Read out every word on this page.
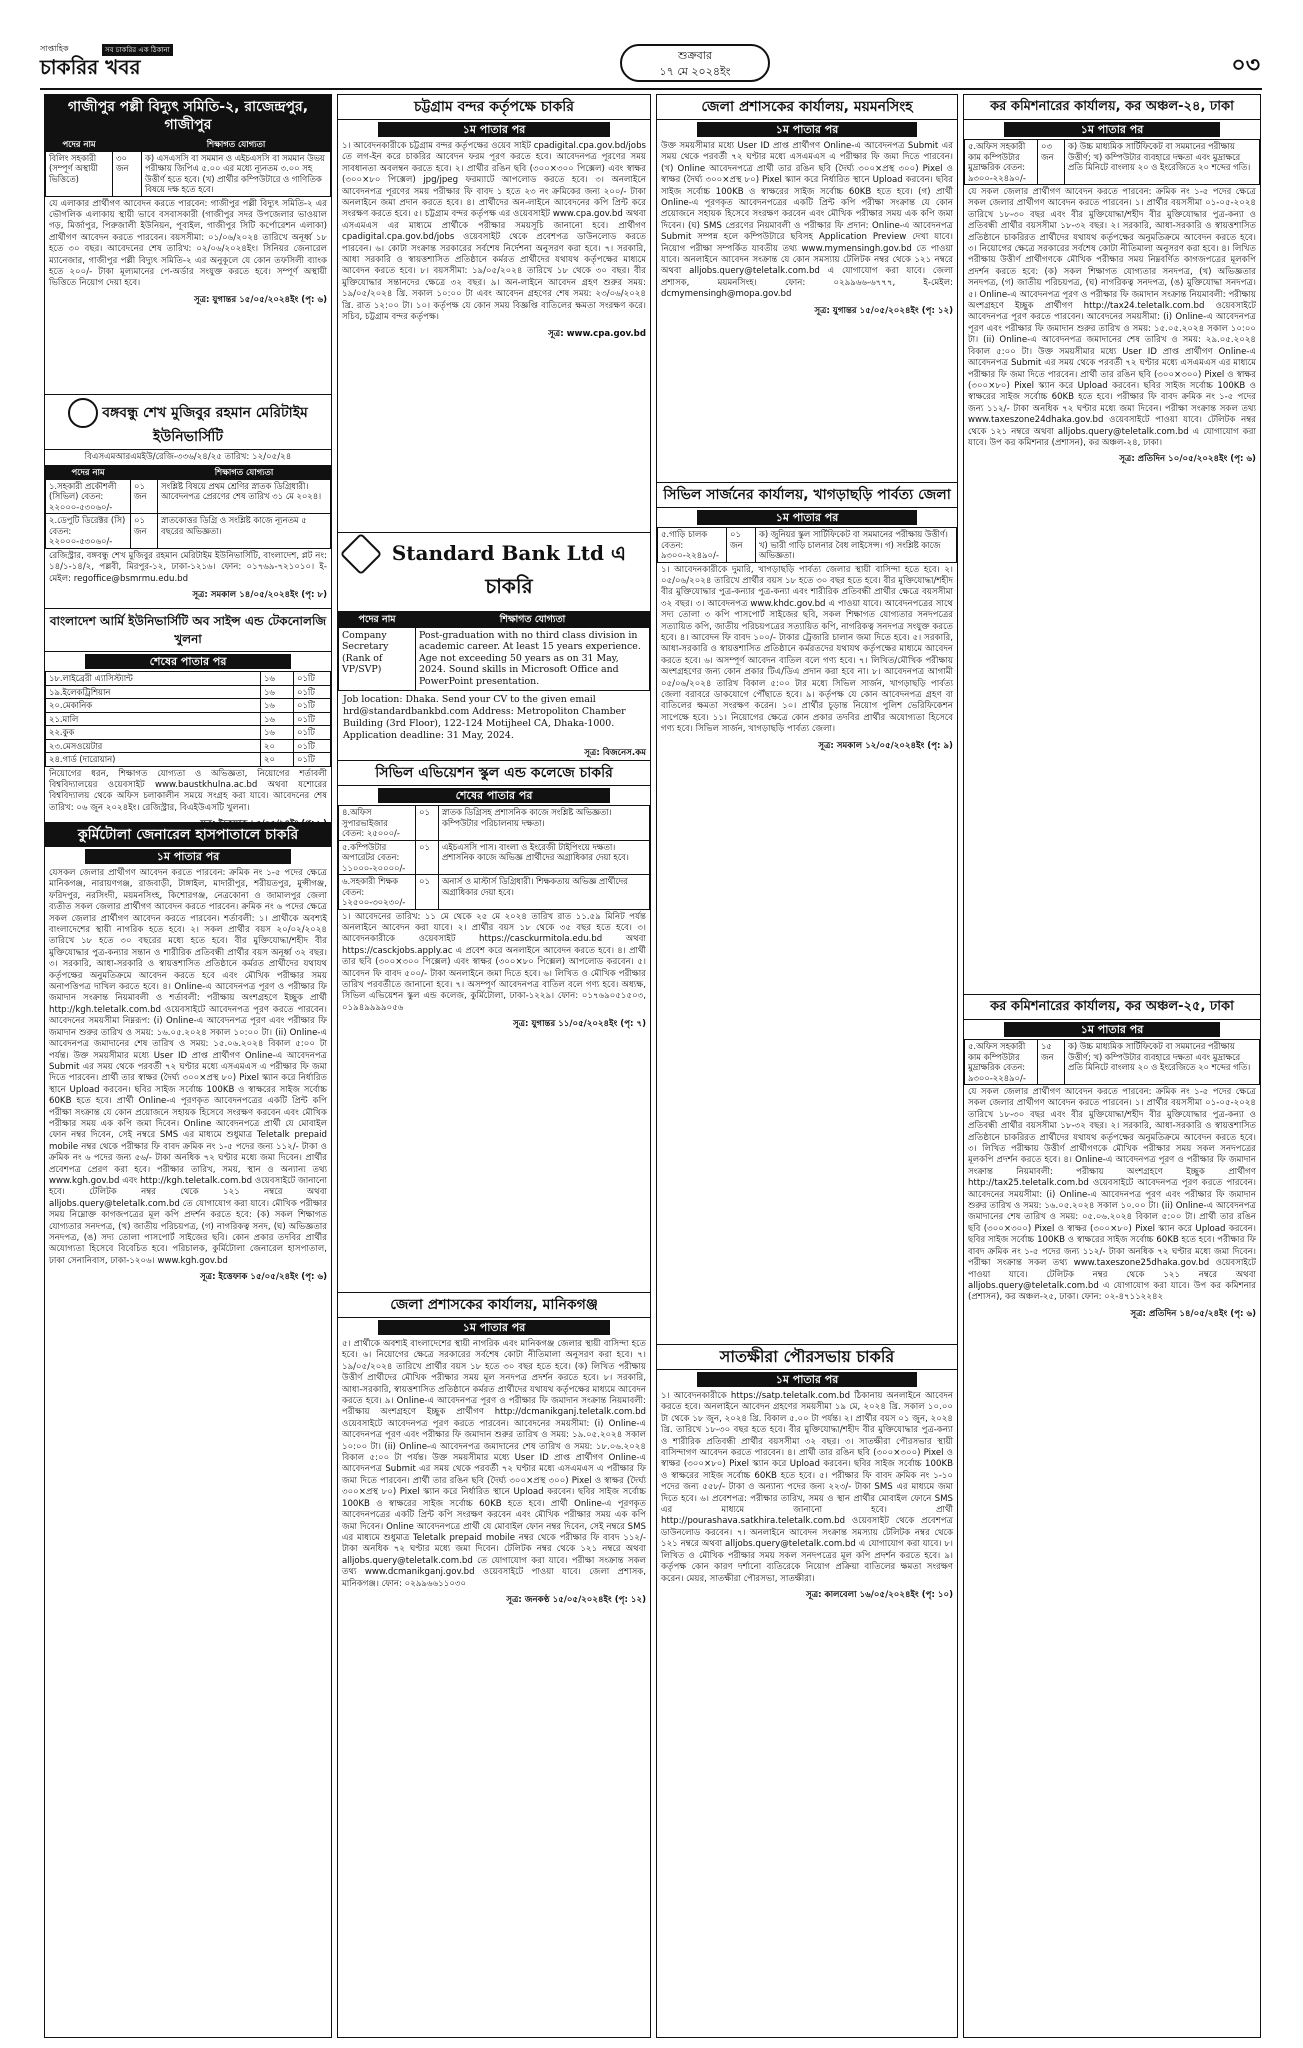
সাপ্তাহিক	সব চাকরির এক ঠিকানা
চাকরির খবর	শুক্রবার
১৭ মে ২০২৪ইং	০৩
গাজীপুর পল্লী বিদ্যুৎ সমিতি-২, রাজেন্দ্রপুর, গাজীপুর
পদের নাম		শিক্ষাগত যোগ্যতা
বিলিং সহকারী (সম্পূর্ণ অস্থায়ী ভিত্তিতে)	৩০ জন	ক) এসএসসি বা সমমান ও এইচএসসি বা সমমান উভয় পরীক্ষায় জিপিএ ৫.০০ এর মধ্যে ন্যূনতম ৩.০০ সহ উত্তীর্ণ হতে হবে। (খ) প্রার্থীর কম্পিউটারে ও গাণিতিক বিষয়ে দক্ষ হতে হবে।
যে এলাকার প্রার্থীগণ আবেদন করতে পারবেন: গাজীপুর পল্লী বিদ্যুৎ সমিতি-২ এর ভৌগলিক এলাকায় স্থায়ী ভাবে বসবাসকারী (গাজীপুর সদর উপজেলার ভাওয়াল গড়, মির্জাপুর, পিরুজালী ইউনিয়ন, পূবাইল, গাজীপুর সিটি কর্পোরেশন এলাকা) প্রার্থীগণ আবেদন করতে পারবেন। বয়সসীমা: ০১/০৬/২০২৪ তারিখে অনূর্ধ্ব ১৮ হতে ৩০ বছর। আবেদনের শেষ তারিখ: ০২/০৬/২০২৪ইং। সিনিয়র জেনারেল ম্যানেজার, গাজীপুর পল্লী বিদ্যুৎ সমিতি-২ এর অনুকূলে যে কোন তফসিলী ব্যাংক হতে ২০০/- টাকা মূল্যমানের পে-অর্ডার সংযুক্ত করতে হবে। সম্পূর্ণ অস্থায়ী ভিত্তিতে নিয়োগ দেয়া হবে।
সূত্র: যুগান্তর ১৫/০৫/২০২৪ইং (পৃ: ৬)
বঙ্গবন্ধু শেখ মুজিবুর রহমান মেরিটাইম ইউনিভার্সিটি
বিএসএমআরএমইউ/রেজি-৩৩৬/২৪/২৫ তারিখ: ১২/০৫/২৪
পদের নাম		শিক্ষাগত যোগ্যতা
১.সহকারী প্রকৌশলী (সিভিল) বেতন: ২২০০০-৫৩০৬০/-	০১ জন	সংশ্লিষ্ট বিষয়ে প্রথম শ্রেণির স্নাতক ডিগ্রিধারী। আবেদনপত্র প্রেরণের শেষ তারিখ ৩১ মে ২০২৪।
২.ডেপুটি ডিরেক্টর (সি) বেতন: ২২০০০-৫৩০৬০/-	০১ জন	স্নাতকোত্তর ডিগ্রি ও সংশ্লিষ্ট কাজে ন্যূনতম ৫ বছরের অভিজ্ঞতা।
রেজিস্ট্রার, বঙ্গবন্ধু শেখ মুজিবুর রহমান মেরিটাইম ইউনিভার্সিটি, বাংলাদেশ, প্লট নং: ১৪/১-১৪/২, পল্লবী, মিরপুর-১২, ঢাকা-১২১৬। ফোন: ০১৭৬৯-৭২১০১০। ই-মেইল: regoffice@bsmrmu.edu.bd
সূত্র: সমকাল ১৪/০৫/২০২৪ইং (পৃ: ৮)
বাংলাদেশ আর্মি ইউনিভার্সিটি অব সাইন্স এন্ড টেকনোলজি খুলনা
শেষের পাতার পর
১৮.লাইব্রেরী এ্যাসিস্ট্যান্ট	১৬	০১টি
১৯.ইলেকট্রিশিয়ান	১৬	০১টি
২০.মেকানিক	১৬	০১টি
২১.মালি	১৬	০১টি
২২.কুক	১৬	০১টি
২৩.মেসওয়েটার	২০	০১টি
২৪.গার্ড (দারোয়ান)	২০	০১টি
নিয়োগের ধরন, শিক্ষাগত যোগ্যতা ও অভিজ্ঞতা, নিয়োগের শর্তাবলী বিশ্ববিদ্যালয়ের ওয়েবসাইট www.baustkhulna.ac.bd অথবা যশোরের বিশ্ববিদ্যালয় থেকে অফিস চলাকালীন সময়ে সংগ্রহ করা যাবে। আবেদনের শেষ তারিখ: ০৬ জুন ২০২৪ইং। রেজিস্ট্রার, বিএইউএসটি খুলনা।
কুর্মিটোলা জেনারেল হাসপাতালে চাকরি
১ম পাতার পর
যেসকল জেলার প্রার্থীগণ আবেদন করতে পারবেন: ক্রমিক নং ১-৫ পদের ক্ষেত্রে মানিকগঞ্জ, নারায়ণগঞ্জ, রাজবাড়ী, টাঙ্গাইল, মাদারীপুর, শরীয়তপুর, মুন্সীগঞ্জ, ফরিদপুর, নরসিংদী, ময়মনসিংহ, কিশোরগঞ্জ, নেত্রকোনা ও জামালপুর জেলা ব্যতীত সকল জেলার প্রার্থীগণ আবেদন করতে পারবেন। ক্রমিক নং ৬ পদের ক্ষেত্রে সকল জেলার প্রার্থীগণ আবেদন করতে পারবেন। শর্তাবলী: ১। প্রার্থীকে অবশ্যই বাংলাদেশের স্থায়ী নাগরিক হতে হবে। ২। সকল প্রার্থীর বয়স ২০/০২/২০২৪ তারিখে ১৮ হতে ৩০ বছরের মধ্যে হতে হবে। বীর মুক্তিযোদ্ধা/শহীদ বীর মুক্তিযোদ্ধার পুত্র-কন্যার সন্তান ও শারীরিক প্রতিবন্ধী প্রার্থীর বয়স অনূর্ধ্ব ৩২ বছর। ৩। সরকারি, আধা-সরকারি ও স্বায়ত্তশাসিত প্রতিষ্ঠানে কর্মরত প্রার্থীদের যথাযথ কর্তৃপক্ষের অনুমতিক্রমে আবেদন করতে হবে এবং মৌখিক পরীক্ষার সময় অনাপত্তিপত্র দাখিল করতে হবে। ৪। Online-এ আবেদনপত্র পূরণ ও পরীক্ষার ফি জমাদান সংক্রান্ত নিয়মাবলী ও শর্তাবলী: পরীক্ষায় অংশগ্রহণে ইচ্ছুক প্রার্থী http://kgh.teletalk.com.bd ওয়েবসাইটে আবেদনপত্র পূরণ করতে পারবেন। আবেদনের সময়সীমা নিম্নরূপ: (i) Online-এ আবেদনপত্র পূরণ এবং পরীক্ষার ফি জমাদান শুরুর তারিখ ও সময়: ১৬.০৫.২০২৪ সকাল ১০:০০ টা। (ii) Online-এ আবেদনপত্র জমাদানের শেষ তারিখ ও সময়: ১৫.০৬.২০২৪ বিকাল ৫:০০ টা পর্যন্ত। উক্ত সময়সীমার মধ্যে User ID প্রাপ্ত প্রার্থীগণ Online-এ আবেদনপত্র Submit এর সময় থেকে পরবর্তী ৭২ ঘণ্টার মধ্যে এসএমএস এ পরীক্ষার ফি জমা দিতে পারবেন। প্রার্থী তার স্বাক্ষর (দৈর্ঘ্য ৩০০×প্রস্থ ৮০) Pixel স্ক্যান করে নির্ধারিত স্থানে Upload করবেন। ছবির সাইজ সর্বোচ্চ 100KB ও স্বাক্ষরের সাইজ সর্বোচ্চ 60KB হতে হবে। প্রার্থী Online-এ পূরণকৃত আবেদনপত্রের একটি প্রিন্ট কপি পরীক্ষা সংক্রান্ত যে কোন প্রয়োজনে সহায়ক হিসেবে সংরক্ষণ করবেন এবং মৌখিক পরীক্ষার সময় এক কপি জমা দিবেন। Online আবেদনপত্রে প্রার্থী যে মোবাইল ফোন নম্বর দিবেন, সেই নম্বরে SMS এর মাধ্যমে শুধুমাত্র Teletalk prepaid mobile নম্বর থেকে পরীক্ষার ফি বাবদ ক্রমিক নং ১-৫ পদের জন্য ১১২/- টাকা ও ক্রমিক নং ৬ পদের জন্য ৫৬/- টাকা অনধিক ৭২ ঘণ্টার মধ্যে জমা দিবেন। প্রার্থীর প্রবেশপত্র প্রেরণ করা হবে। পরীক্ষার তারিখ, সময়, স্থান ও অন্যান্য তথ্য www.kgh.gov.bd এবং http://kgh.teletalk.com.bd ওয়েবসাইটে জানানো হবে। টেলিটক নম্বর থেকে ১২১ নম্বরে অথবা alljobs.query@teletalk.com.bd তে যোগাযোগ করা যাবে। মৌখিক পরীক্ষার সময় নিম্নোক্ত কাগজপত্রের মূল কপি প্রদর্শন করতে হবে: (ক) সকল শিক্ষাগত যোগ্যতার সনদপত্র, (খ) জাতীয় পরিচয়পত্র, (গ) নাগরিকত্ব সনদ, (ঘ) অভিজ্ঞতার সনদপত্র, (ঙ) সদ্য তোলা পাসপোর্ট সাইজের ছবি। কোন প্রকার তদবির প্রার্থীর অযোগ্যতা হিসেবে বিবেচিত হবে। পরিচালক, কুর্মিটোলা জেনারেল হাসপাতাল, ঢাকা সেনানিবাস, ঢাকা-১২০৬। www.kgh.gov.bd
সূত্র: ইত্তেফাক ১৫/০৫/২৪ইং (পৃ: ৬)
চট্টগ্রাম বন্দর কর্তৃপক্ষে চাকরি
১ম পাতার পর
১। আবেদনকারীকে চট্টগ্রাম বন্দর কর্তৃপক্ষের ওয়েব সাইট cpadigital.cpa.gov.bd/jobs তে লগ-ইন করে চাকরির আবেদন ফরম পূরণ করতে হবে। আবেদনপত্র পূরণের সময় সাবধানতা অবলম্বন করতে হবে। ২। প্রার্থীর রঙিন ছবি (৩০০×৩০০ পিক্সেল) এবং স্বাক্ষর (৩০০×৮০ পিক্সেল) jpg/jpeg ফরম্যাটে আপলোড করতে হবে। ৩। অনলাইনে আবেদনপত্র পূরণের সময় পরীক্ষার ফি বাবদ ১ হতে ২৩ নং ক্রমিকের জন্য ২০০/- টাকা অনলাইনে জমা প্রদান করতে হবে। ৪। প্রার্থীদের অন-লাইনে আবেদনের কপি প্রিন্ট করে সংরক্ষণ করতে হবে। ৫। চট্টগ্রাম বন্দর কর্তৃপক্ষ এর ওয়েবসাইট www.cpa.gov.bd অথবা এসএমএস এর মাধ্যমে প্রার্থীকে পরীক্ষার সময়সূচি জানানো হবে। প্রার্থীগণ cpadigital.cpa.gov.bd/jobs ওয়েবসাইট থেকে প্রবেশপত্র ডাউনলোড করতে পারবেন। ৬। কোটা সংক্রান্ত সরকারের সর্বশেষ নির্দেশনা অনুসরণ করা হবে। ৭। সরকারি, আধা সরকারি ও স্বায়ত্তশাসিত প্রতিষ্ঠানে কর্মরত প্রার্থীদের যথাযথ কর্তৃপক্ষের মাধ্যমে আবেদন করতে হবে। ৮। বয়সসীমা: ১৯/০৫/২০২৪ তারিখে ১৮ থেকে ৩০ বছর। বীর মুক্তিযোদ্ধার সন্তানদের ক্ষেত্রে ৩২ বছর। ৯। অন-লাইনে আবেদন গ্রহণ শুরুর সময়: ১৯/০৫/২০২৪ খ্রি. সকাল ১০:০০ টা এবং আবেদন গ্রহণের শেষ সময়: ২৩/০৬/২০২৪ খ্রি. রাত ১২:০০ টা। ১০। কর্তৃপক্ষ যে কোন সময় বিজ্ঞপ্তি বাতিলের ক্ষমতা সংরক্ষণ করে। সচিব, চট্টগ্রাম বন্দর কর্তৃপক্ষ।
সূত্র: www.cpa.gov.bd
Standard Bank Ltd এ চাকরি
পদের নাম	শিক্ষাগত যোগ্যতা
Company Secretary (Rank of VP/SVP)	Post-graduation with no third class division in academic career. At least 15 years experience. Age not exceeding 50 years as on 31 May, 2024. Sound skills in Microsoft Office and PowerPoint presentation.
Job location: Dhaka. Send your CV to the given email hrd@standardbankbd.com Address: Metropoliton Chamber Building (3rd Floor), 122-124 Motijheel CA, Dhaka-1000. Application deadline: 31 May, 2024.
সূত্র: বিজনেস.কম
সিভিল এভিয়েশন স্কুল এন্ড কলেজে চাকরি
শেষের পাতার পর
৪.অফিস সুপারভাইজার বেতন: ২৫০০০/-	০১	স্নাতক ডিগ্রিসহ প্রশাসনিক কাজে সংশ্লিষ্ট অভিজ্ঞতা। কম্পিউটার পরিচালনায় দক্ষতা।
৫.কম্পিউটার অপারেটর বেতন: ১১০০০-২০০০০/-	০১	এইচএসসি পাস। বাংলা ও ইংরেজী টাইপিংয়ে দক্ষতা। প্রশাসনিক কাজে অভিজ্ঞ প্রার্থীদের অগ্রাধিকার দেয়া হবে।
৬.সহকারী শিক্ষক বেতন: ১২৫০০-৩০২৩০/-	০১	অনার্স ও মাস্টার্স ডিগ্রিধারী। শিক্ষকতায় অভিজ্ঞ প্রার্থীদের অগ্রাধিকার দেয়া হবে।
১। আবেদনের তারিখ: ১১ মে থেকে ২৫ মে ২০২৪ তারিখ রাত ১১.৫৯ মিনিট পর্যন্ত অনলাইনে আবেদন করা যাবে। ২। প্রার্থীর বয়স ১৮ থেকে ৩৫ বছর হতে হবে। ৩। আবেদনকারীকে ওয়েবসাইট https://casckurmitola.edu.bd অথবা https://casckjobs.apply.ac এ প্রবেশ করে অনলাইনে আবেদন করতে হবে। ৪। প্রার্থী তার ছবি (৩০০×৩০০ পিক্সেল) এবং স্বাক্ষর (৩০০×৮০ পিক্সেল) আপলোড করবেন। ৫। আবেদন ফি বাবদ ৫০০/- টাকা অনলাইনে জমা দিতে হবে। ৬। লিখিত ও মৌখিক পরীক্ষার তারিখ পরবর্তীতে জানানো হবে। ৭। অসম্পূর্ণ আবেদনপত্র বাতিল বলে গণ্য হবে। অধ্যক্ষ, সিভিল এভিয়েশন স্কুল এন্ড কলেজ, কুর্মিটোলা, ঢাকা-১২২৯। ফোন: ০১৭৬৯০৫১৫০৩, ০১৯৪৯৯৯৯০৫৬
সূত্র: যুগান্তর ১১/০৫/২০২৪ইং (পৃ: ৭)
জেলা প্রশাসকের কার্যালয়, মানিকগঞ্জ
১ম পাতার পর
৫। প্রার্থীকে অবশ্যই বাংলাদেশের স্থায়ী নাগরিক এবং মানিকগঞ্জ জেলার স্থায়ী বাসিন্দা হতে হবে। ৬। নিয়োগের ক্ষেত্রে সরকারের সর্বশেষ কোটা নীতিমালা অনুসরণ করা হবে। ৭। ১৯/০৫/২০২৪ তারিখে প্রার্থীর বয়স ১৮ হতে ৩০ বছর হতে হবে। (ক) লিখিত পরীক্ষায় উত্তীর্ণ প্রার্থীদের মৌখিক পরীক্ষার সময় মূল সনদপত্র প্রদর্শন করতে হবে। ৮। সরকারি, আধা-সরকারি, স্বায়ত্তশাসিত প্রতিষ্ঠানে কর্মরত প্রার্থীদের যথাযথ কর্তৃপক্ষের মাধ্যমে আবেদন করতে হবে। ৯। Online-এ আবেদনপত্র পূরণ ও পরীক্ষার ফি জমাদান সংক্রান্ত নিয়মাবলী: পরীক্ষায় অংশগ্রহণে ইচ্ছুক প্রার্থীগণ http://dcmanikganj.teletalk.com.bd ওয়েবসাইটে আবেদনপত্র পূরণ করতে পারবেন। আবেদনের সময়সীমা: (i) Online-এ আবেদনপত্র পূরণ এবং পরীক্ষার ফি জমাদান শুরুর তারিখ ও সময়: ১৯.০৫.২০২৪ সকাল ১০:০০ টা। (ii) Online-এ আবেদনপত্র জমাদানের শেষ তারিখ ও সময়: ১৮.০৬.২০২৪ বিকাল ৫:০০ টা পর্যন্ত। উক্ত সময়সীমার মধ্যে User ID প্রাপ্ত প্রার্থীগণ Online-এ আবেদনপত্র Submit এর সময় থেকে পরবর্তী ৭২ ঘণ্টার মধ্যে এসএমএস এ পরীক্ষার ফি জমা দিতে পারবেন। প্রার্থী তার রঙিন ছবি (দৈর্ঘ্য ৩০০×প্রস্থ ৩০০) Pixel ও স্বাক্ষর (দৈর্ঘ্য ৩০০×প্রস্থ ৮০) Pixel স্ক্যান করে নির্ধারিত স্থানে Upload করবেন। ছবির সাইজ সর্বোচ্চ 100KB ও স্বাক্ষরের সাইজ সর্বোচ্চ 60KB হতে হবে। প্রার্থী Online-এ পূরণকৃত আবেদনপত্রের একটি প্রিন্ট কপি সংরক্ষণ করবেন এবং মৌখিক পরীক্ষার সময় এক কপি জমা দিবেন। Online আবেদনপত্রে প্রার্থী যে মোবাইল ফোন নম্বর দিবেন, সেই নম্বরে SMS এর মাধ্যমে শুধুমাত্র Teletalk prepaid mobile নম্বর থেকে পরীক্ষার ফি বাবদ ১১২/- টাকা অনধিক ৭২ ঘণ্টার মধ্যে জমা দিবেন। টেলিটক নম্বর থেকে ১২১ নম্বরে অথবা alljobs.query@teletalk.com.bd তে যোগাযোগ করা যাবে। পরীক্ষা সংক্রান্ত সকল তথ্য www.dcmanikganj.gov.bd ওয়েবসাইটে পাওয়া যাবে। জেলা প্রশাসক, মানিকগঞ্জ। ফোন: ০২৯৯৬৬১১০৩০
সূত্র: জনকণ্ঠ ১৫/০৫/২০২৪ইং (পৃ: ১২)
জেলা প্রশাসকের কার্যালয়, ময়মনসিংহ
১ম পাতার পর
উক্ত সময়সীমার মধ্যে User ID প্রাপ্ত প্রার্থীগণ Online-এ আবেদনপত্র Submit এর সময় থেকে পরবর্তী ৭২ ঘণ্টার মধ্যে এসএমএস এ পরীক্ষার ফি জমা দিতে পারবেন। (খ) Online আবেদনপত্রে প্রার্থী তার রঙিন ছবি (দৈর্ঘ্য ৩০০×প্রস্থ ৩০০) Pixel ও স্বাক্ষর (দৈর্ঘ্য ৩০০×প্রস্থ ৮০) Pixel স্ক্যান করে নির্ধারিত স্থানে Upload করবেন। ছবির সাইজ সর্বোচ্চ 100KB ও স্বাক্ষরের সাইজ সর্বোচ্চ 60KB হতে হবে। (গ) প্রার্থী Online-এ পূরণকৃত আবেদনপত্রের একটি প্রিন্ট কপি পরীক্ষা সংক্রান্ত যে কোন প্রয়োজনে সহায়ক হিসেবে সংরক্ষণ করবেন এবং মৌখিক পরীক্ষার সময় এক কপি জমা দিবেন। (ঘ) SMS প্রেরণের নিয়মাবলী ও পরীক্ষার ফি প্রদান: Online-এ আবেদনপত্র Submit সম্পন্ন হলে কম্পিউটারে ছবিসহ Application Preview দেখা যাবে। নিয়োগ পরীক্ষা সম্পর্কিত যাবতীয় তথ্য www.mymensingh.gov.bd তে পাওয়া যাবে। অনলাইনে আবেদন সংক্রান্ত যে কোন সমস্যায় টেলিটক নম্বর থেকে ১২১ নম্বরে অথবা alljobs.query@teletalk.com.bd এ যোগাযোগ করা যাবে। জেলা প্রশাসক, ময়মনসিংহ। ফোন: ০২৯৯৬৬-৬৭৭৭, ই-মেইল: dcmymensingh@mopa.gov.bd
সূত্র: যুগান্তর ১৫/০৫/২০২৪ইং (পৃ: ১২)
সিভিল সার্জনের কার্যালয়, খাগড়াছড়ি পার্বত্য জেলা
১ম পাতার পর
৫.গাড়ি চালক বেতন: ৯৩০০-২২৪৯০/-	০১ জন	ক) জুনিয়র স্কুল সার্টিফিকেট বা সমমানের পরীক্ষায় উত্তীর্ণ। খ) ভারী গাড়ি চালনার বৈধ লাইসেন্স। গ) সংশ্লিষ্ট কাজে অভিজ্ঞতা।
১। আবেদনকারীকে দুমারি, খাগড়াছড়ি পার্বত্য জেলার স্থায়ী বাসিন্দা হতে হবে। ২। ০৫/০৬/২০২৪ তারিখে প্রার্থীর বয়স ১৮ হতে ৩০ বছর হতে হবে। বীর মুক্তিযোদ্ধা/শহীদ বীর মুক্তিযোদ্ধার পুত্র-কন্যার পুত্র-কন্যা এবং শারীরিক প্রতিবন্ধী প্রার্থীর ক্ষেত্রে বয়সসীমা ৩২ বছর। ৩। আবেদনপত্র www.khdc.gov.bd এ পাওয়া যাবে। আবেদনপত্রের সাথে সদ্য তোলা ৩ কপি পাসপোর্ট সাইজের ছবি, সকল শিক্ষাগত যোগ্যতার সনদপত্রের সত্যায়িত কপি, জাতীয় পরিচয়পত্রের সত্যায়িত কপি, নাগরিকত্ব সনদপত্র সংযুক্ত করতে হবে। ৪। আবেদন ফি বাবদ ১০০/- টাকার ট্রেজারি চালান জমা দিতে হবে। ৫। সরকারি, আধা-সরকারি ও স্বায়ত্তশাসিত প্রতিষ্ঠানে কর্মরতদের যথাযথ কর্তৃপক্ষের মাধ্যমে আবেদন করতে হবে। ৬। অসম্পূর্ণ আবেদন বাতিল বলে গণ্য হবে। ৭। লিখিত/মৌখিক পরীক্ষায় অংশগ্রহণের জন্য কোন প্রকার টিএ/ডিএ প্রদান করা হবে না। ৮। আবেদনপত্র আগামী ০৫/০৬/২০২৪ তারিখ বিকাল ৫:০০ টার মধ্যে সিভিল সার্জন, খাগড়াছড়ি পার্বত্য জেলা বরাবরে ডাকযোগে পৌঁছাতে হবে। ৯। কর্তৃপক্ষ যে কোন আবেদনপত্র গ্রহণ বা বাতিলের ক্ষমতা সংরক্ষণ করেন। ১০। প্রার্থীর চূড়ান্ত নিয়োগ পুলিশ ভেরিফিকেশন সাপেক্ষে হবে। ১১। নিয়োগের ক্ষেত্রে কোন প্রকার তদবির প্রার্থীর অযোগ্যতা হিসেবে গণ্য হবে। সিভিল সার্জন, খাগড়াছড়ি পার্বত্য জেলা।
সূত্র: সমকাল ১২/০৫/২০২৪ইং (পৃ: ৯)
সাতক্ষীরা পৌরসভায় চাকরি
১ম পাতার পর
১। আবেদনকারীকে https://satp.teletalk.com.bd ঠিকানায় অনলাইনে আবেদন করতে হবে। অনলাইনে আবেদন গ্রহণের সময়সীমা ১৯ মে, ২০২৪ খ্রি. সকাল ১০.০০ টা থেকে ১৮ জুন, ২০২৪ খ্রি. বিকাল ৫.০০ টা পর্যন্ত। ২। প্রার্থীর বয়স ০১ জুন, ২০২৪ খ্রি. তারিখে ১৮-৩০ বছর হতে হবে। বীর মুক্তিযোদ্ধা/শহীদ বীর মুক্তিযোদ্ধার পুত্র-কন্যা ও শারীরিক প্রতিবন্ধী প্রার্থীর বয়সসীমা ৩২ বছর। ৩। সাতক্ষীরা পৌরসভার স্থায়ী বাসিন্দাগণ আবেদন করতে পারবেন। ৪। প্রার্থী তার রঙিন ছবি (৩০০×৩০০) Pixel ও স্বাক্ষর (৩০০×৮০) Pixel স্ক্যান করে Upload করবেন। ছবির সাইজ সর্বোচ্চ 100KB ও স্বাক্ষরের সাইজ সর্বোচ্চ 60KB হতে হবে। ৫। পরীক্ষার ফি বাবদ ক্রমিক নং ১-১০ পদের জন্য ৫৫৮/- টাকা ও অন্যান্য পদের জন্য ২২৩/- টাকা SMS এর মাধ্যমে জমা দিতে হবে। ৬। প্রবেশপত্র: পরীক্ষার তারিখ, সময় ও স্থান প্রার্থীর মোবাইল ফোনে SMS এর মাধ্যমে জানানো হবে। প্রার্থী http://pourashava.satkhira.teletalk.com.bd ওয়েবসাইট থেকে প্রবেশপত্র ডাউনলোড করবেন। ৭। অনলাইনে আবেদন সংক্রান্ত সমস্যায় টেলিটক নম্বর থেকে ১২১ নম্বরে অথবা alljobs.query@teletalk.com.bd এ যোগাযোগ করা যাবে। ৮। লিখিত ও মৌখিক পরীক্ষার সময় সকল সনদপত্রের মূল কপি প্রদর্শন করতে হবে। ৯। কর্তৃপক্ষ কোন কারণ দর্শানো ব্যতিরেকে নিয়োগ প্রক্রিয়া বাতিলের ক্ষমতা সংরক্ষণ করেন। মেয়র, সাতক্ষীরা পৌরসভা, সাতক্ষীরা।
সূত্র: কালবেলা ১৬/০৫/২০২৪ইং (পৃ: ১০)
কর কমিশনারের কার্যালয়, কর অঞ্চল-২৪, ঢাকা
১ম পাতার পর
৫.অফিস সহকারী কাম কম্পিউটার মুদ্রাক্ষরিক বেতন: ৯৩০০-২২৪৯০/-	০৩ জন	ক) উচ্চ মাধ্যমিক সার্টিফিকেট বা সমমানের পরীক্ষায় উত্তীর্ণ; খ) কম্পিউটার ব্যবহারে দক্ষতা এবং মুদ্রাক্ষরে প্রতি মিনিটে বাংলায় ২০ ও ইংরেজিতে ২০ শব্দের গতি।
যে সকল জেলার প্রার্থীগণ আবেদন করতে পারবেন: ক্রমিক নং ১-৫ পদের ক্ষেত্রে সকল জেলার প্রার্থীগণ আবেদন করতে পারবেন। ১। প্রার্থীর বয়সসীমা ০১-০৫-২০২৪ তারিখে ১৮-৩০ বছর এবং বীর মুক্তিযোদ্ধা/শহীদ বীর মুক্তিযোদ্ধার পুত্র-কন্যা ও প্রতিবন্ধী প্রার্থীর বয়সসীমা ১৮-৩২ বছর। ২। সরকারি, আধা-সরকারি ও স্বায়ত্তশাসিত প্রতিষ্ঠানে চাকরিরত প্রার্থীদের যথাযথ কর্তৃপক্ষের অনুমতিক্রমে আবেদন করতে হবে। ৩। নিয়োগের ক্ষেত্রে সরকারের সর্বশেষ কোটা নীতিমালা অনুসরণ করা হবে। ৪। লিখিত পরীক্ষায় উত্তীর্ণ প্রার্থীগণকে মৌখিক পরীক্ষার সময় নিম্নবর্ণিত কাগজপত্রের মূলকপি প্রদর্শন করতে হবে: (ক) সকল শিক্ষাগত যোগ্যতার সনদপত্র, (খ) অভিজ্ঞতার সনদপত্র, (গ) জাতীয় পরিচয়পত্র, (ঘ) নাগরিকত্ব সনদপত্র, (ঙ) মুক্তিযোদ্ধা সনদপত্র। ৫। Online-এ আবেদনপত্র পূরণ ও পরীক্ষার ফি জমাদান সংক্রান্ত নিয়মাবলী: পরীক্ষায় অংশগ্রহণে ইচ্ছুক প্রার্থীগণ http://tax24.teletalk.com.bd ওয়েবসাইটে আবেদনপত্র পূরণ করতে পারবেন। আবেদনের সময়সীমা: (i) Online-এ আবেদনপত্র পূরণ এবং পরীক্ষার ফি জমাদান শুরুর তারিখ ও সময়: ১৫.০৫.২০২৪ সকাল ১০:০০ টা। (ii) Online-এ আবেদনপত্র জমাদানের শেষ তারিখ ও সময়: ২৯.০৫.২০২৪ বিকাল ৫:০০ টা। উক্ত সময়সীমার মধ্যে User ID প্রাপ্ত প্রার্থীগণ Online-এ আবেদনপত্র Submit এর সময় থেকে পরবর্তী ৭২ ঘণ্টার মধ্যে এসএমএস এর মাধ্যমে পরীক্ষার ফি জমা দিতে পারবেন। প্রার্থী তার রঙিন ছবি (৩০০×৩০০) Pixel ও স্বাক্ষর (৩০০×৮০) Pixel স্ক্যান করে Upload করবেন। ছবির সাইজ সর্বোচ্চ 100KB ও স্বাক্ষরের সাইজ সর্বোচ্চ 60KB হতে হবে। পরীক্ষার ফি বাবদ ক্রমিক নং ১-৫ পদের জন্য ১১২/- টাকা অনধিক ৭২ ঘণ্টার মধ্যে জমা দিবেন। পরীক্ষা সংক্রান্ত সকল তথ্য www.taxeszone24dhaka.gov.bd ওয়েবসাইটে পাওয়া যাবে। টেলিটক নম্বর থেকে ১২১ নম্বরে অথবা alljobs.query@teletalk.com.bd এ যোগাযোগ করা যাবে। উপ কর কমিশনার (প্রশাসন), কর অঞ্চল-২৪, ঢাকা।
সূত্র: প্রতিদিন ১০/০৫/২০২৪ইং (পৃ: ৬)
কর কমিশনারের কার্যালয়, কর অঞ্চল-২৫, ঢাকা
১ম পাতার পর
৫.অফিস সহকারী কাম কম্পিউটার মুদ্রাক্ষরিক বেতন: ৯৩০০-২২৪৯০/-	১৫ জন	ক) উচ্চ মাধ্যমিক সার্টিফিকেট বা সমমানের পরীক্ষায় উত্তীর্ণ; খ) কম্পিউটার ব্যবহারে দক্ষতা এবং মুদ্রাক্ষরে প্রতি মিনিটে বাংলায় ২০ ও ইংরেজিতে ২০ শব্দের গতি।
যে সকল জেলার প্রার্থীগণ আবেদন করতে পারবেন: ক্রমিক নং ১-৫ পদের ক্ষেত্রে সকল জেলার প্রার্থীগণ আবেদন করতে পারবেন। ১। প্রার্থীর বয়সসীমা ০১-০৫-২০২৪ তারিখে ১৮-৩০ বছর এবং বীর মুক্তিযোদ্ধা/শহীদ বীর মুক্তিযোদ্ধার পুত্র-কন্যা ও প্রতিবন্ধী প্রার্থীর বয়সসীমা ১৮-৩২ বছর। ২। সরকারি, আধা-সরকারি ও স্বায়ত্তশাসিত প্রতিষ্ঠানে চাকরিরত প্রার্থীদের যথাযথ কর্তৃপক্ষের অনুমতিক্রমে আবেদন করতে হবে। ৩। লিখিত পরীক্ষায় উত্তীর্ণ প্রার্থীগণকে মৌখিক পরীক্ষার সময় সকল সনদপত্রের মূলকপি প্রদর্শন করতে হবে। ৪। Online-এ আবেদনপত্র পূরণ ও পরীক্ষার ফি জমাদান সংক্রান্ত নিয়মাবলী: পরীক্ষায় অংশগ্রহণে ইচ্ছুক প্রার্থীগণ http://tax25.teletalk.com.bd ওয়েবসাইটে আবেদনপত্র পূরণ করতে পারবেন। আবেদনের সময়সীমা: (i) Online-এ আবেদনপত্র পূরণ এবং পরীক্ষার ফি জমাদান শুরুর তারিখ ও সময়: ১৬.০৫.২০২৪ সকাল ১০.০০ টা। (ii) Online-এ আবেদনপত্র জমাদানের শেষ তারিখ ও সময়: ০৫.০৬.২০২৪ বিকাল ৫:০০ টা। প্রার্থী তার রঙিন ছবি (৩০০×৩০০) Pixel ও স্বাক্ষর (৩০০×৮০) Pixel স্ক্যান করে Upload করবেন। ছবির সাইজ সর্বোচ্চ 100KB ও স্বাক্ষরের সাইজ সর্বোচ্চ 60KB হতে হবে। পরীক্ষার ফি বাবদ ক্রমিক নং ১-৫ পদের জন্য ১১২/- টাকা অনধিক ৭২ ঘণ্টার মধ্যে জমা দিবেন। পরীক্ষা সংক্রান্ত সকল তথ্য www.taxeszone25dhaka.gov.bd ওয়েবসাইটে পাওয়া যাবে। টেলিটক নম্বর থেকে ১২১ নম্বরে অথবা alljobs.query@teletalk.com.bd এ যোগাযোগ করা যাবে। উপ কর কমিশনার (প্রশাসন), কর অঞ্চল-২৫, ঢাকা। ফোন: ০২-৪৭১১২২৪২
সূত্র: প্রতিদিন ১৪/০৫/২৪ইং (পৃ: ৬)
